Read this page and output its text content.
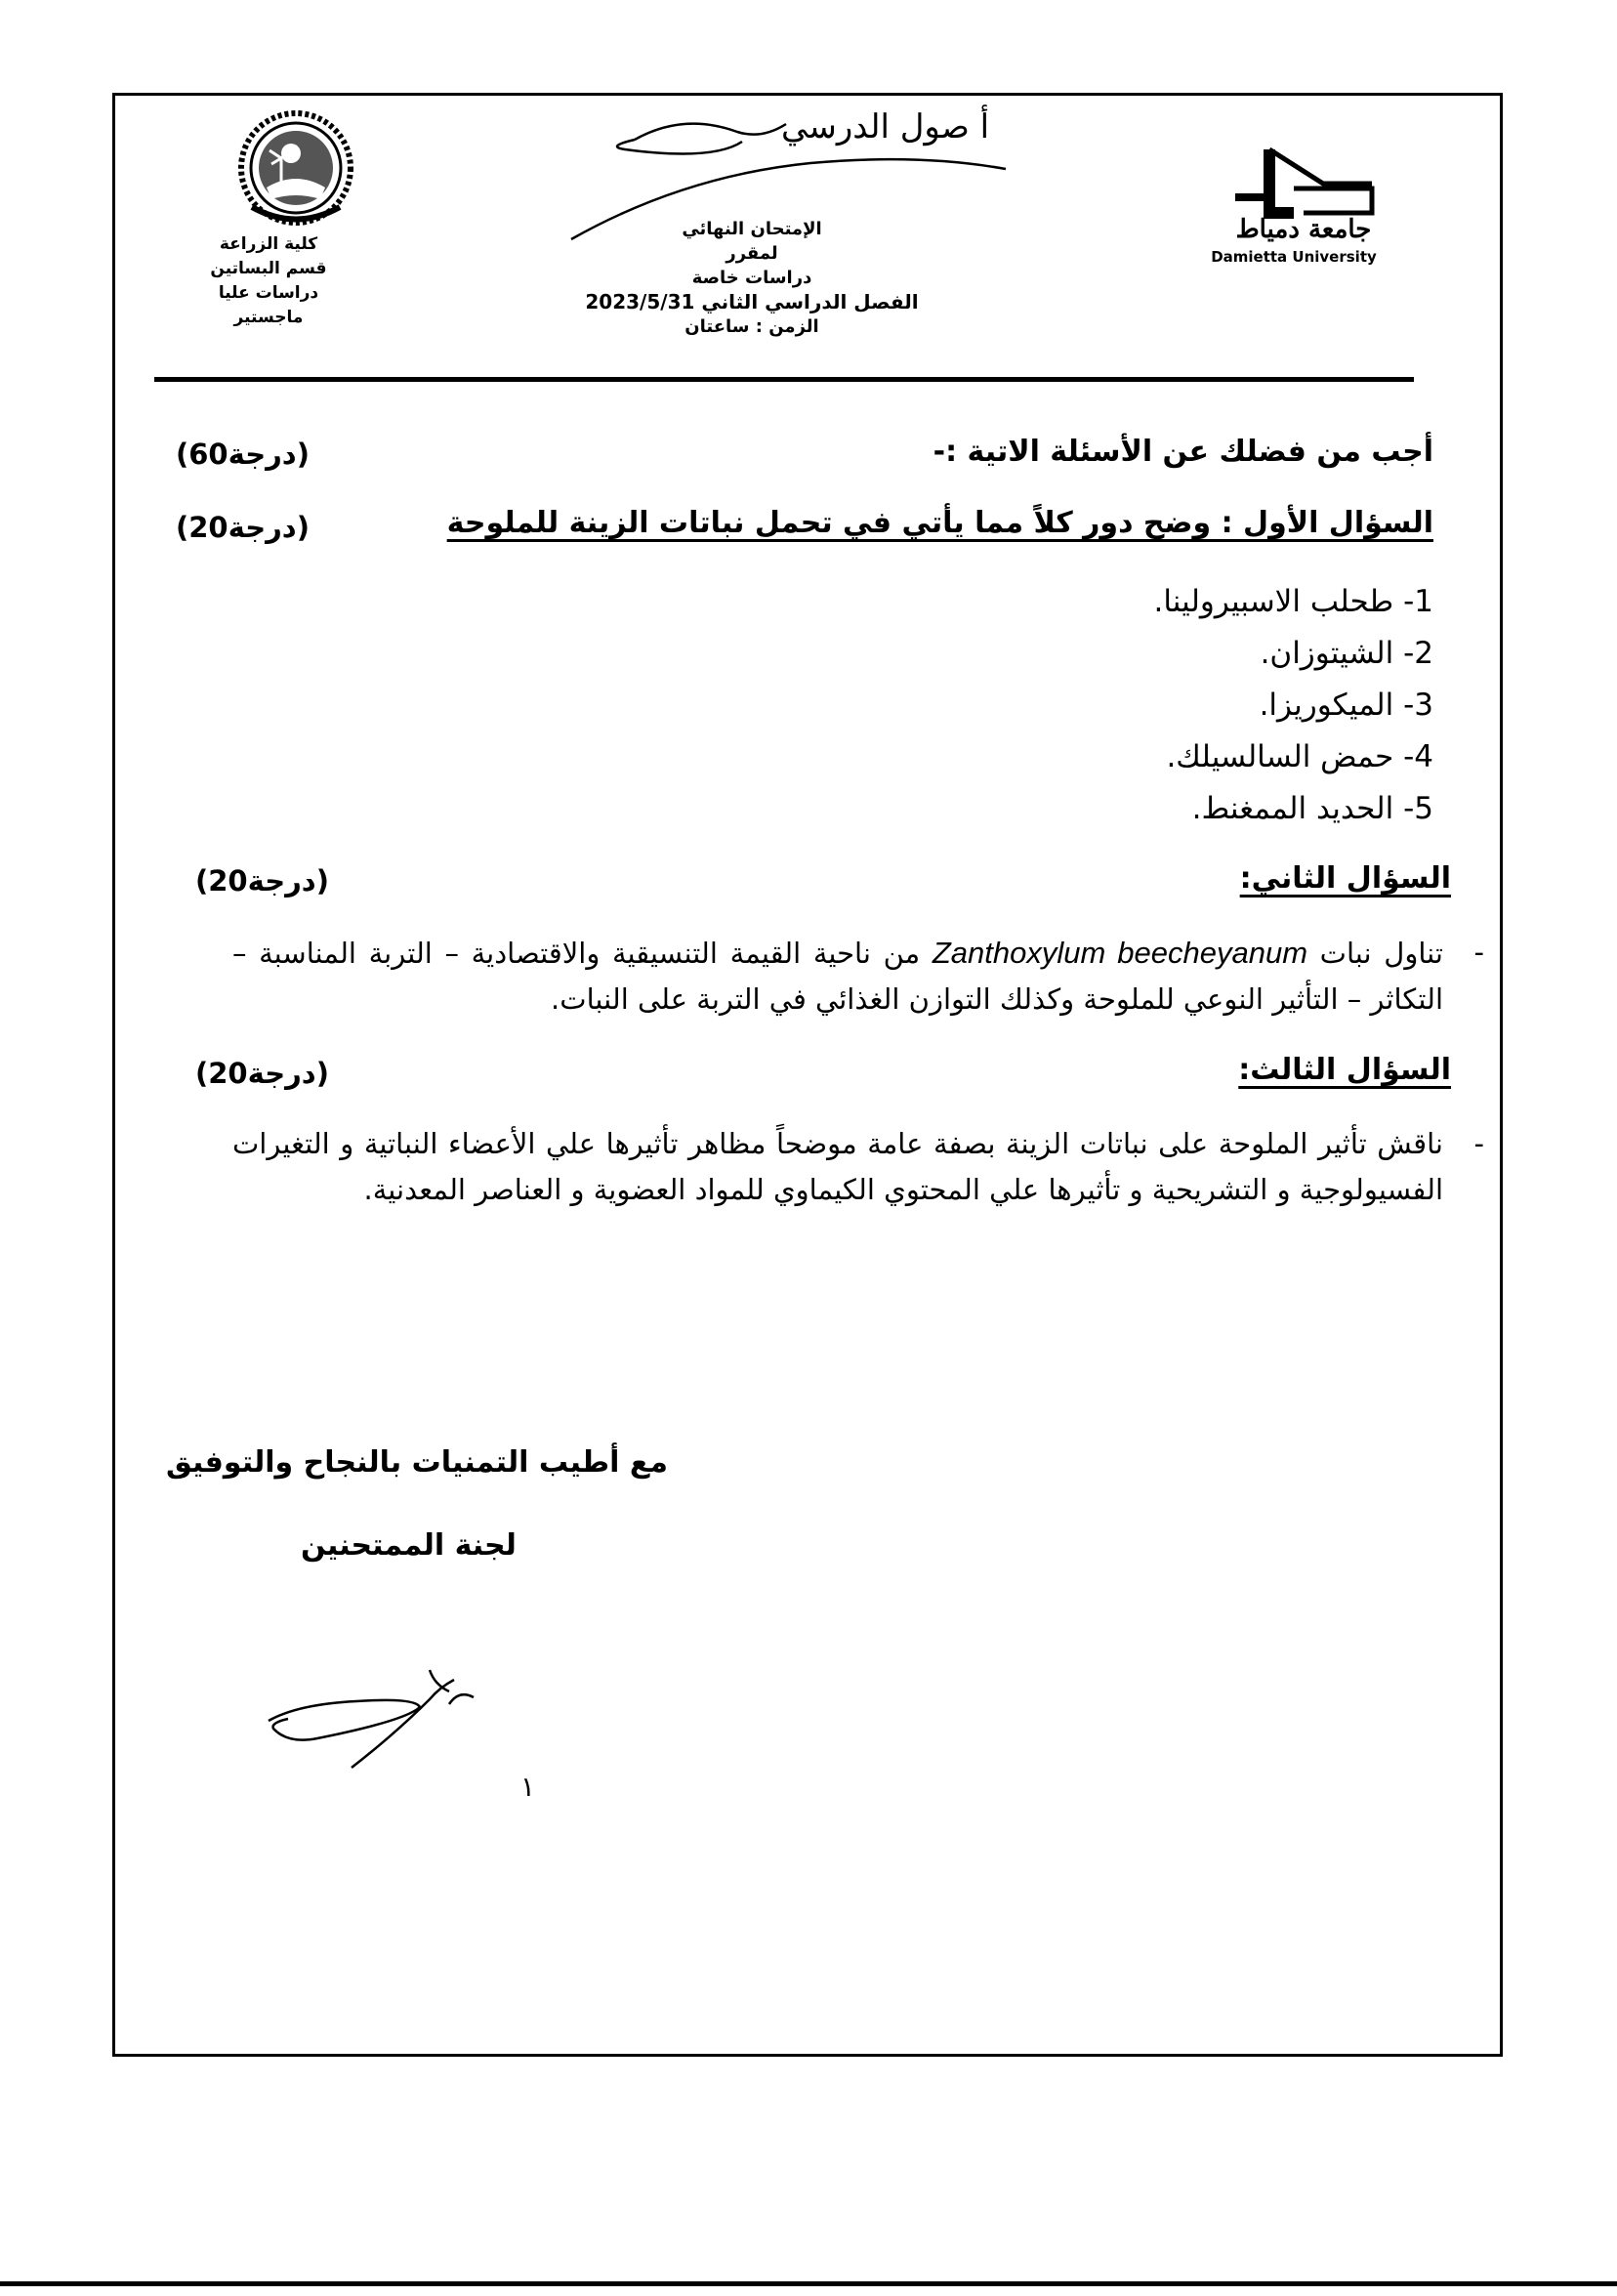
كلية الزراعة
قسم البساتين
دراسات عليا
ماجستير
أ صول الدرسي
الإمتحان النهائي
لمقرر
دراسات خاصة
الفصل الدراسي الثاني 2023/5/31
الزمن : ساعتان
جامعة دمياط
Damietta University
أجب من فضلك عن الأسئلة الاتية :-
(60درجة)
السؤال الأول : وضح دور كلاً مما يأتي في تحمل نباتات الزينة للملوحة
(20درجة)
1- طحلب الاسبيرولينا.
2- الشيتوزان.
3- الميكوريزا.
4- حمض السالسيلك.
5- الحديد الممغنط.
السؤال الثاني:
(20درجة)
-
تناول نبات Zanthoxylum beecheyanum من ناحية القيمة التنسيقية والاقتصادية – التربة المناسبة – التكاثر – التأثير النوعي للملوحة وكذلك التوازن الغذائي في التربة على النبات.
السؤال الثالث:
(20درجة)
-
ناقش تأثير الملوحة على نباتات الزينة بصفة عامة موضحاً مظاهر تأثيرها علي الأعضاء النباتية و التغيرات الفسيولوجية و التشريحية و تأثيرها علي المحتوي الكيماوي للمواد العضوية و العناصر المعدنية.
مع أطيب التمنيات بالنجاح والتوفيق
لجنة الممتحنين
١
